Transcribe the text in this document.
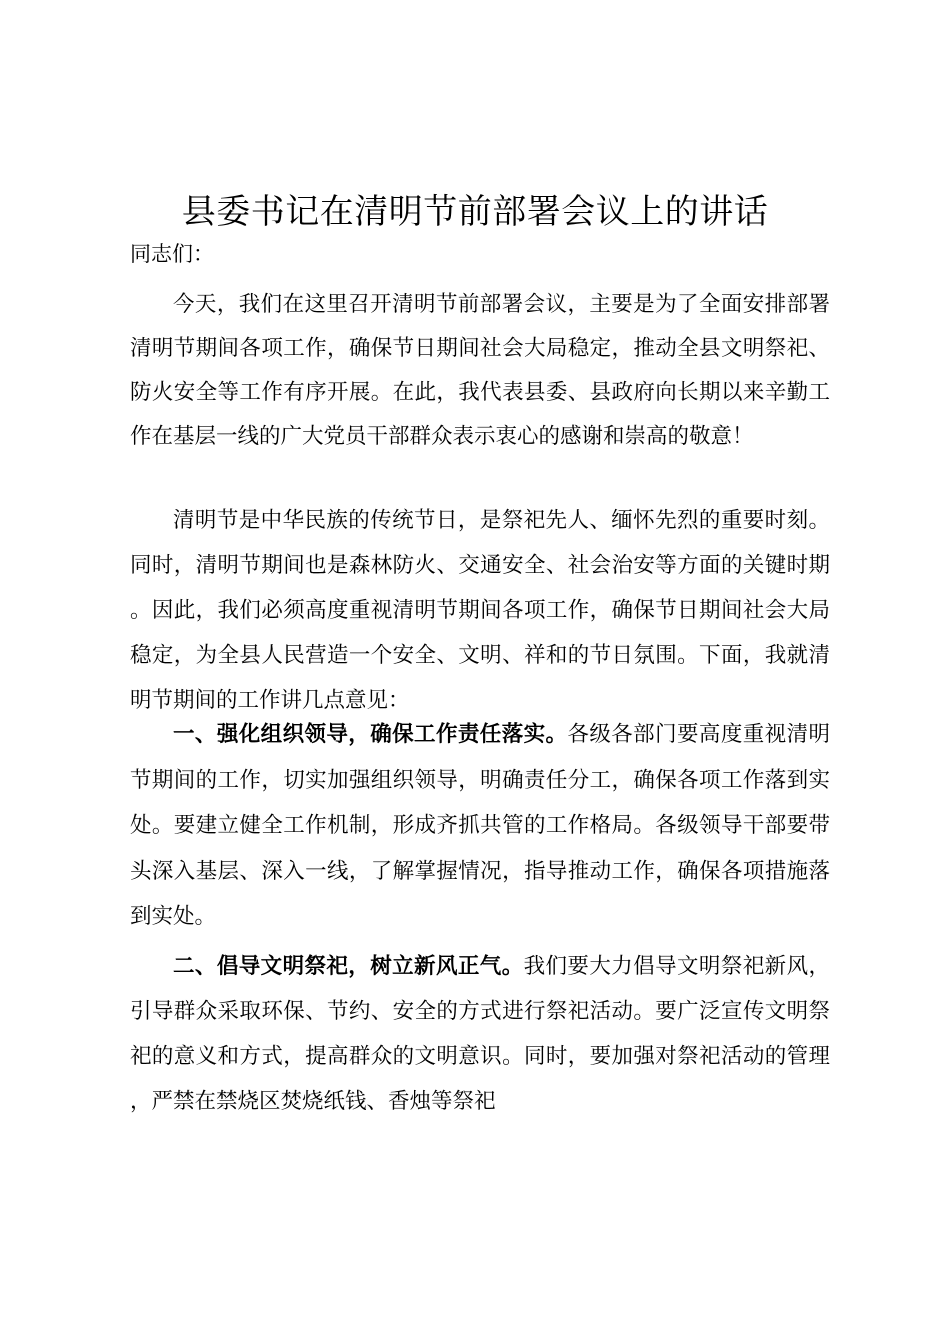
县委书记在清明节前部署会议上的讲话

同志们：

今天，我们在这里召开清明节前部署会议，主要是为了全面安排部署清明节期间各项工作，确保节日期间社会大局稳定，推动全县文明祭祀、防火安全等工作有序开展。在此，我代表县委、县政府向长期以来辛勤工作在基层一线的广大党员干部群众表示衷心的感谢和崇高的敬意！

清明节是中华民族的传统节日，是祭祀先人、缅怀先烈的重要时刻。同时，清明节期间也是森林防火、交通安全、社会治安等方面的关键时期。因此，我们必须高度重视清明节期间各项工作，确保节日期间社会大局稳定，为全县人民营造一个安全、文明、祥和的节日氛围。下面，我就清明节期间的工作讲几点意见：

一、强化组织领导，确保工作责任落实。各级各部门要高度重视清明节期间的工作，切实加强组织领导，明确责任分工，确保各项工作落到实处。要建立健全工作机制，形成齐抓共管的工作格局。各级领导干部要带头深入基层、深入一线，了解掌握情况，指导推动工作，确保各项措施落到实处。

二、倡导文明祭祀，树立新风正气。我们要大力倡导文明祭祀新风，引导群众采取环保、节约、安全的方式进行祭祀活动。要广泛宣传文明祭祀的意义和方式，提高群众的文明意识。同时，要加强对祭祀活动的管理，严禁在禁烧区焚烧纸钱、香烛等祭祀
